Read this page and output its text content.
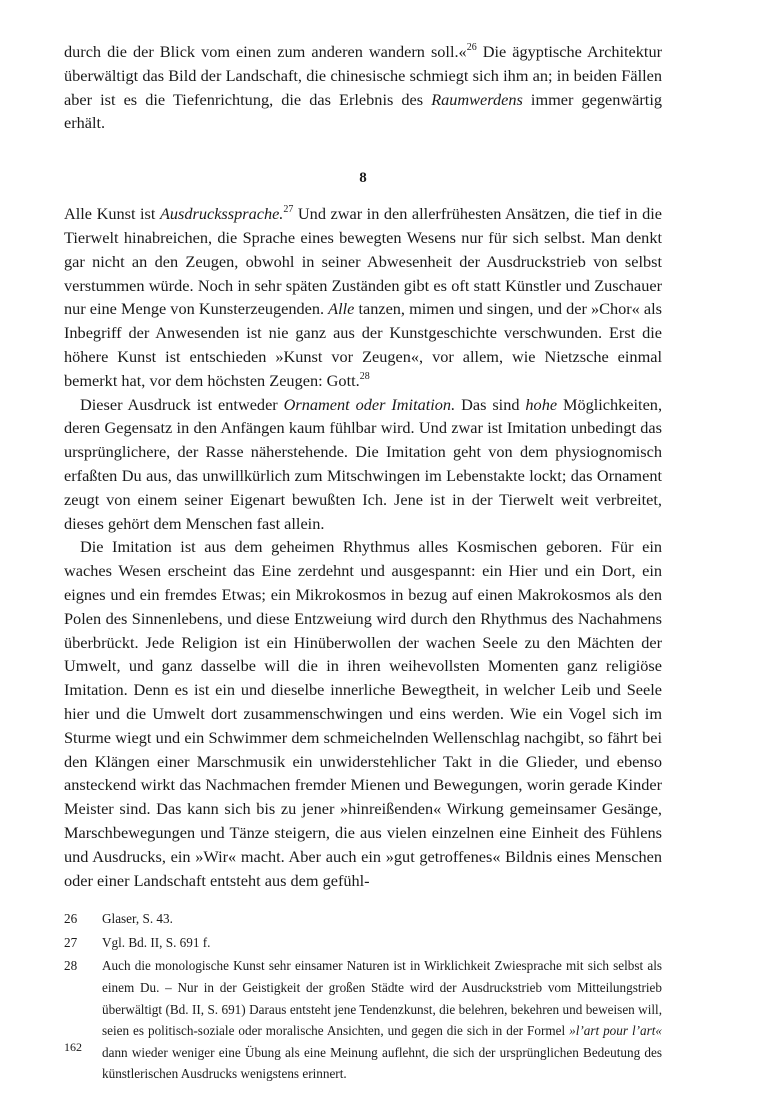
durch die der Blick vom einen zum anderen wandern soll.«$^{26}$ Die ägyptische Architektur überwältigt das Bild der Landschaft, die chinesische schmiegt sich ihm an; in beiden Fällen aber ist es die Tiefenrichtung, die das Erlebnis des Raumwerdens immer gegenwärtig erhält.

8

Alle Kunst ist Ausdruckssprache.$^{27}$ Und zwar in den allerfrühesten Ansätzen, die tief in die Tierwelt hinabreichen, die Sprache eines bewegten Wesens nur für sich selbst. Man denkt gar nicht an den Zeugen, obwohl in seiner Abwesenheit der Ausdruckstrieb von selbst verstummen würde. Noch in sehr späten Zuständen gibt es oft statt Künstler und Zuschauer nur eine Menge von Kunsterzeugenden. Alle tanzen, mimen und singen, und der »Chor« als Inbegriff der Anwesenden ist nie ganz aus der Kunstgeschichte verschwunden. Erst die höhere Kunst ist entschieden »Kunst vor Zeugen«, vor allem, wie Nietzsche einmal bemerkt hat, vor dem höchsten Zeugen: Gott.$^{28}$

Dieser Ausdruck ist entweder Ornament oder Imitation. Das sind hohe Möglichkeiten, deren Gegensatz in den Anfängen kaum fühlbar wird. Und zwar ist Imitation unbedingt das ursprünglichere, der Rasse näherstehende. Die Imitation geht von dem physiognomisch erfaßten Du aus, das unwillkürlich zum Mitschwingen im Lebenstakte lockt; das Ornament zeugt von einem seiner Eigenart bewußten Ich. Jene ist in der Tierwelt weit verbreitet, dieses gehört dem Menschen fast allein.

Die Imitation ist aus dem geheimen Rhythmus alles Kosmischen geboren. Für ein waches Wesen erscheint das Eine zerdehnt und ausgespannt: ein Hier und ein Dort, ein eignes und ein fremdes Etwas; ein Mikrokosmos in bezug auf einen Makrokosmos als den Polen des Sinnenlebens, und diese Entzweiung wird durch den Rhythmus des Nachahmens überbrückt. Jede Religion ist ein Hinüberwollen der wachen Seele zu den Mächten der Umwelt, und ganz dasselbe will die in ihren weihevollsten Momenten ganz religiöse Imitation. Denn es ist ein und dieselbe innerliche Bewegtheit, in welcher Leib und Seele hier und die Umwelt dort zusammenschwingen und eins werden. Wie ein Vogel sich im Sturme wiegt und ein Schwimmer dem schmeichelnden Wellenschlag nachgibt, so fährt bei den Klängen einer Marschmusik ein unwiderstehlicher Takt in die Glieder, und ebenso ansteckend wirkt das Nachmachen fremder Mienen und Bewegungen, worin gerade Kinder Meister sind. Das kann sich bis zu jener »hinreißenden« Wirkung gemeinsamer Gesänge, Marschbewegungen und Tänze steigern, die aus vielen einzelnen eine Einheit des Fühlens und Ausdrucks, ein »Wir« macht. Aber auch ein »gut getroffenes« Bildnis eines Menschen oder einer Landschaft entsteht aus dem gefühl-

26	Glaser, S. 43.
27	Vgl. Bd. II, S. 691 f.
28	Auch die monologische Kunst sehr einsamer Naturen ist in Wirklichkeit Zwiesprache mit sich selbst als einem Du. – Nur in der Geistigkeit der großen Städte wird der Ausdruckstrieb vom Mitteilungstrieb überwältigt (Bd. II, S. 691) Daraus entsteht jene Tendenzkunst, die belehren, bekehren und beweisen will, seien es politisch-soziale oder moralische Ansichten, und gegen die sich in der Formel »l’art pour l’art« dann wieder weniger eine Übung als eine Meinung auflehnt, die sich der ursprünglichen Bedeutung des künstlerischen Ausdrucks wenigstens erinnert.
162
